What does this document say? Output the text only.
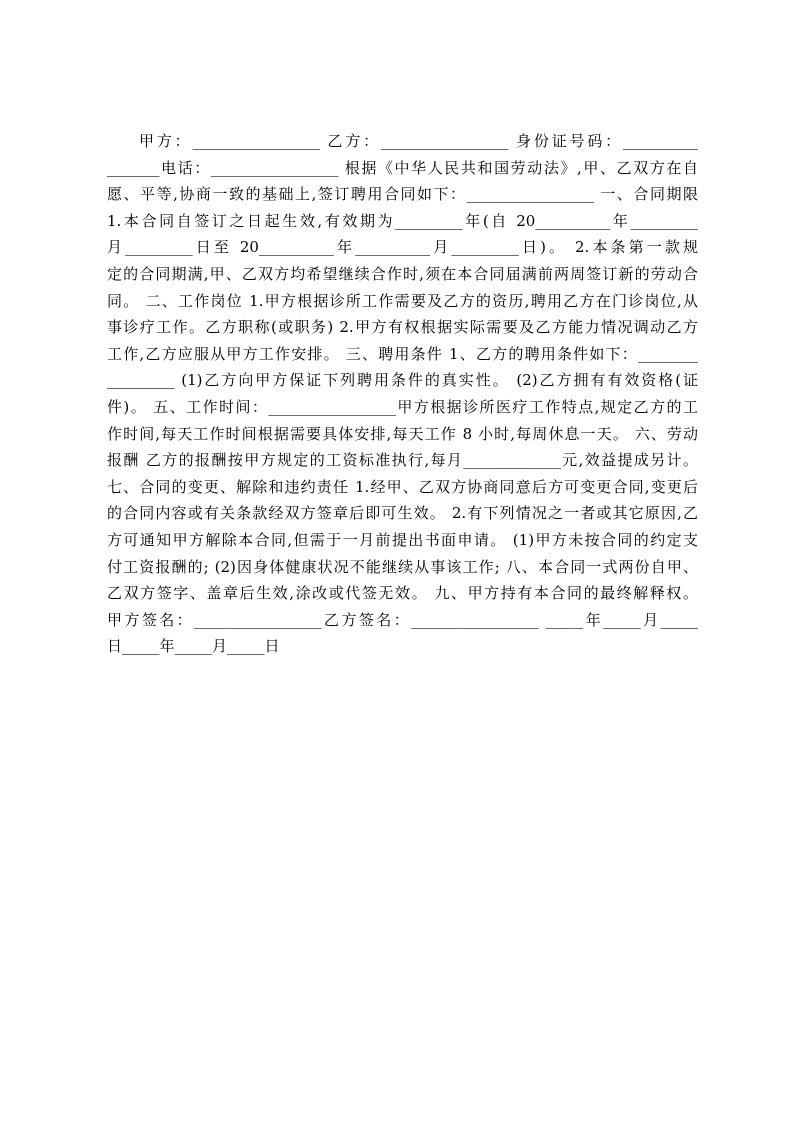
甲方：_________________ 乙方：_________________ 身份证号码：__________
_______电话：_________________ 根据《中华人民共和国劳动法》,甲、乙双方在自
愿、平等,协商一致的基础上,签订聘用合同如下：_________________ 一、合同期限
1.本合同自签订之日起生效,有效期为_________年(自 20__________年_________
月_________日至 20__________年__________月_________日)。 2.本条第一款规
定的合同期满,甲、乙双方均希望继续合作时,须在本合同届满前两周签订新的劳动合
同。 二、工作岗位 1.甲方根据诊所工作需要及乙方的资历,聘用乙方在门诊岗位,从
事诊疗工作。乙方职称(或职务) 2.甲方有权根据实际需要及乙方能力情况调动乙方
工作,乙方应服从甲方工作安排。 三、聘用条件 1、乙方的聘用条件如下：________
_________ (1)乙方向甲方保证下列聘用条件的真实性。 (2)乙方拥有有效资格(证
件)。 五、工作时间：_________________甲方根据诊所医疗工作特点,规定乙方的工
作时间,每天工作时间根据需要具体安排,每天工作 8 小时,每周休息一天。 六、劳动
报酬 乙方的报酬按甲方规定的工资标准执行,每月_____________元,效益提成另计。
七、合同的变更、解除和违约责任 1.经甲、乙双方协商同意后方可变更合同,变更后
的合同内容或有关条款经双方签章后即可生效。 2.有下列情况之一者或其它原因,乙
方可通知甲方解除本合同,但需于一月前提出书面申请。 (1)甲方未按合同的约定支
付工资报酬的; (2)因身体健康状况不能继续从事该工作; 八、本合同一式两份自甲、
乙双方签字、盖章后生效,涂改或代签无效。 九、甲方持有本合同的最终解释权。
甲方签名：_________________乙方签名：_________________ _____年_____月_____
日_____年_____月_____日
